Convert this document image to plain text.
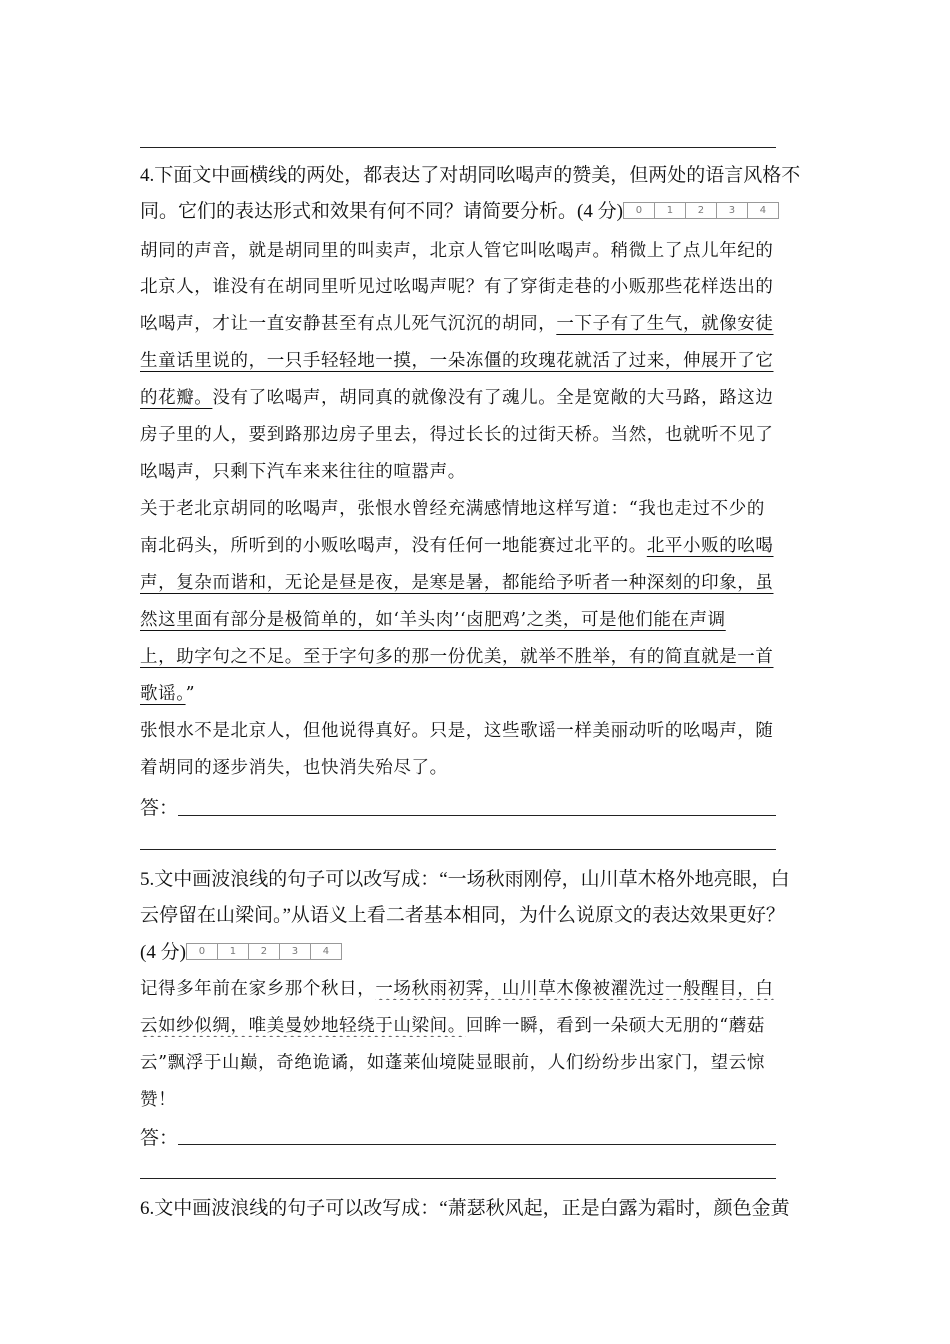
4.下面文中画横线的两处，都表达了对胡同吆喝声的赞美，但两处的语言风格不
同。它们的表达形式和效果有何不同？请简要分析。(4 分) 0 1 2 3 4
胡同的声音，就是胡同里的叫卖声，北京人管它叫吆喝声。稍微上了点儿年纪的
北京人，谁没有在胡同里听见过吆喝声呢？有了穿街走巷的小贩那些花样迭出的
吆喝声，才让一直安静甚至有点儿死气沉沉的胡同，一下子有了生气，就像安徒
生童话里说的，一只手轻轻地一摸，一朵冻僵的玫瑰花就活了过来，伸展开了它
的花瓣。没有了吆喝声，胡同真的就像没有了魂儿。全是宽敞的大马路，路这边
房子里的人，要到路那边房子里去，得过长长的过街天桥。当然，也就听不见了
吆喝声，只剩下汽车来来往往的喧嚣声。
关于老北京胡同的吆喝声，张恨水曾经充满感情地这样写道：“我也走过不少的
南北码头，所听到的小贩吆喝声，没有任何一地能赛过北平的。北平小贩的吆喝
声，复杂而谐和，无论是昼是夜，是寒是暑，都能给予听者一种深刻的印象，虽
然这里面有部分是极简单的，如‘羊头肉’‘卤肥鸡’之类，可是他们能在声调
上，助字句之不足。至于字句多的那一份优美，就举不胜举，有的简直就是一首
歌谣。”
张恨水不是北京人，但他说得真好。只是，这些歌谣一样美丽动听的吆喝声，随
着胡同的逐步消失，也快消失殆尽了。
答：
5.文中画波浪线的句子可以改写成：“一场秋雨刚停，山川草木格外地亮眼，白
云停留在山梁间。”从语义上看二者基本相同，为什么说原文的表达效果更好？
(4 分) 0 1 2 3 4
记得多年前在家乡那个秋日，一场秋雨初霁，山川草木像被濯洗过一般醒目，白
云如纱似绸，唯美曼妙地轻绕于山梁间。回眸一瞬，看到一朵硕大无朋的“蘑菇
云”飘浮于山巅，奇绝诡谲，如蓬莱仙境陡显眼前，人们纷纷步出家门，望云惊
赞！
答：
6.文中画波浪线的句子可以改写成：“萧瑟秋风起，正是白露为霜时，颜色金黄
